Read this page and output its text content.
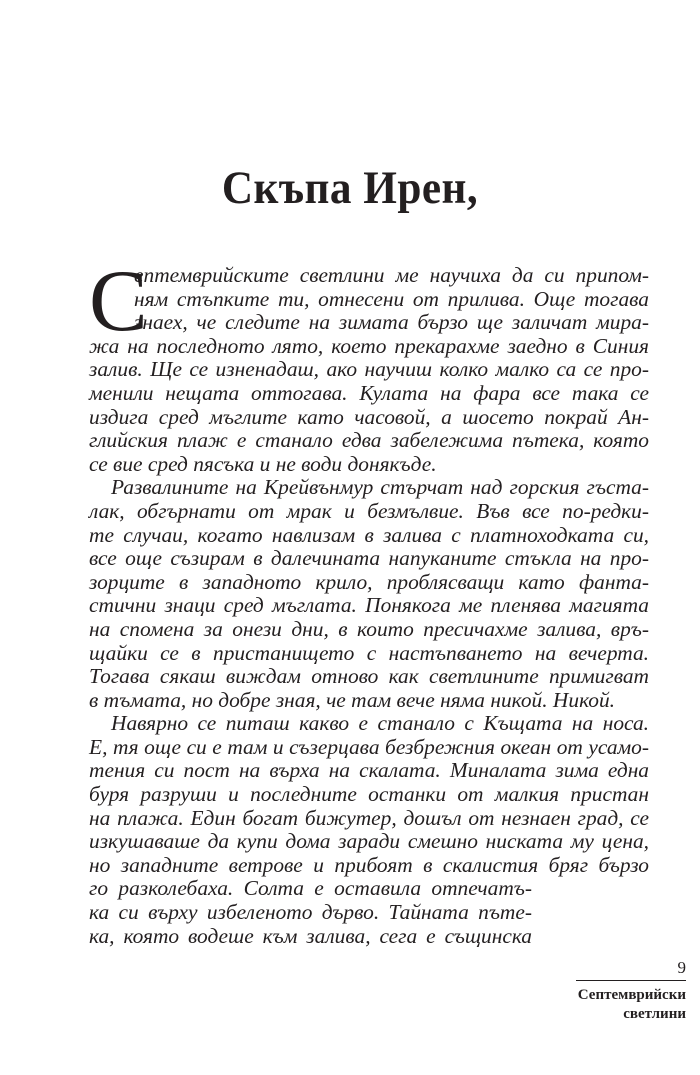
Скъпа Ирен,
С
ептемврийските светлини ме научиха да си припом-
ням стъпките ти, отнесени от прилива. Още тогава
знаех, че следите на зимата бързо ще заличат мира-
жа на последното лято, което прекарахме заедно в Синия
залив. Ще се изненадаш, ако научиш колко малко са се про-
менили нещата оттогава. Кулата на фара все така се
издига сред мъглите като часовой, а шосето покрай Ан-
глийския плаж е станало едва забележима пътека, която
се вие сред пясъка и не води донякъде.
Развалините на Крейвънмур стърчат над горския гъста-
лак, обгърнати от мрак и безмълвие. Във все по-редки-
те случаи, когато навлизам в залива с платноходката си,
все още съзирам в далечината напуканите стъкла на про-
зорците в западното крило, проблясващи като фанта-
стични знаци сред мъглата. Понякога ме пленява магията
на спомена за онези дни, в които пресичахме залива, връ-
щайки се в пристанището с настъпването на вечерта.
Тогава сякаш виждам отново как светлините примигват
в тъмата, но добре зная, че там вече няма никой. Никой.
Навярно се питаш какво е станало с Къщата на носа.
Е, тя още си е там и съзерцава безбрежния океан от усамо-
тения си пост на върха на скалата. Миналата зима една
буря разруши и последните останки от малкия пристан
на плажа. Един богат бижутер, дошъл от незнаен град, се
изкушаваше да купи дома заради смешно ниската му цена,
но западните ветрове и прибоят в скалистия бряг бързо
го разколебаха. Солта е оставила отпечатъ-
ка си върху избеленото дърво. Тайната пъте-
ка, която водеше към залива, сега е същинска
9
Септемврийски
светлини
